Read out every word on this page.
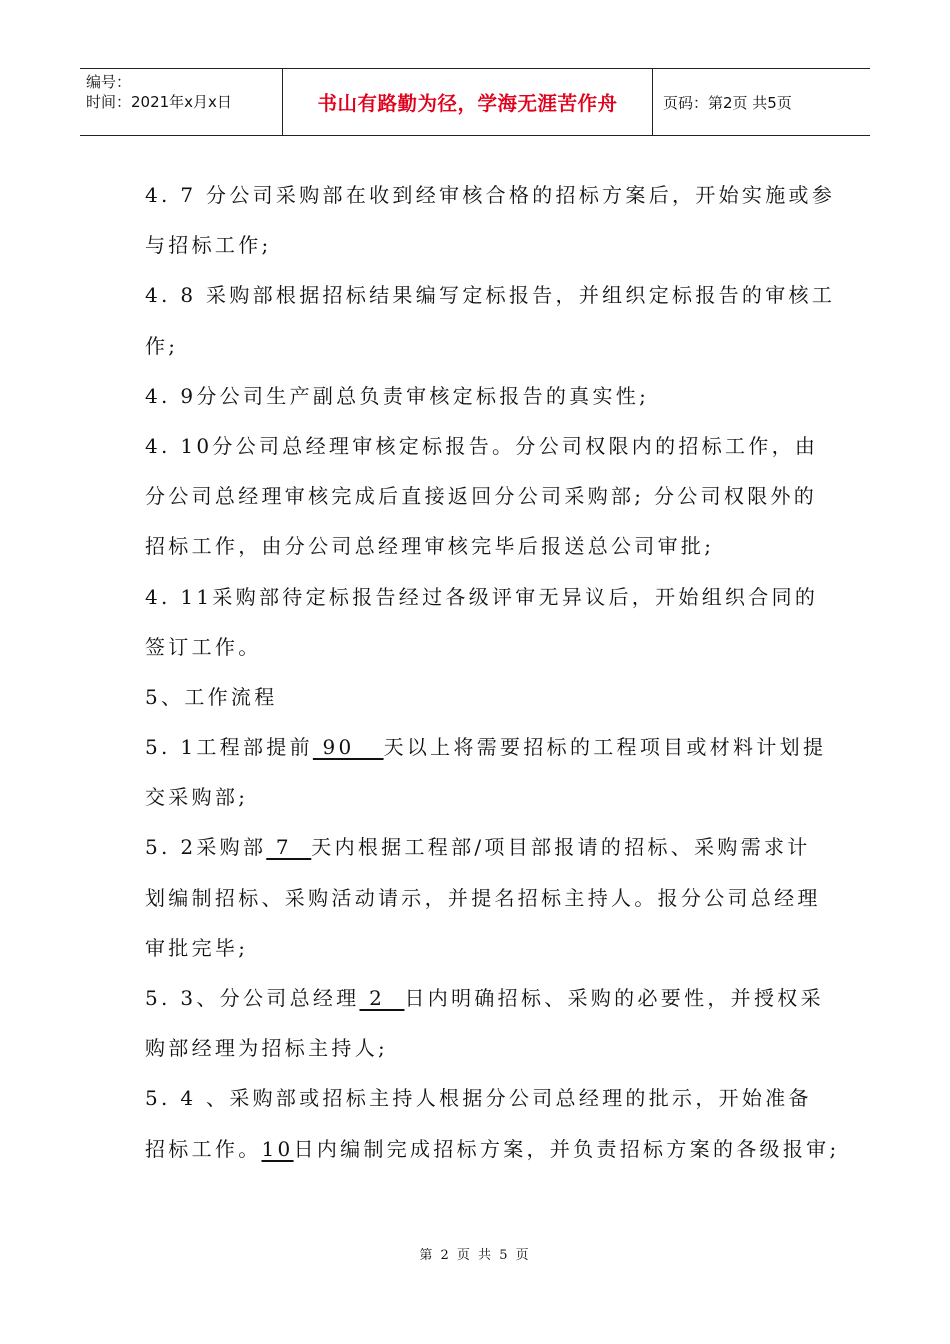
编号：
时间：2021年x月x日	书山有路勤为径，学海无涯苦作舟	页码：第2页 共5页
4. 7 分公司采购部在收到经审核合格的招标方案后，开始实施或参
与招标工作;
4. 8 采购部根据招标结果编写定标报告，并组织定标报告的审核工
作;
4. 9分公司生产副总负责审核定标报告的真实性;
4. 10分公司总经理审核定标报告。分公司权限内的招标工作，由
分公司总经理审核完成后直接返回分公司采购部; 分公司权限外的
招标工作，由分公司总经理审核完毕后报送总公司审批;
4. 11采购部待定标报告经过各级评审无异议后，开始组织合同的
签订工作。
5、工作流程
5. 1工程部提前 90   天以上将需要招标的工程项目或材料计划提
交采购部;
5. 2采购部 7  天内根据工程部/项目部报请的招标、采购需求计
划编制招标、采购活动请示，并提名招标主持人。报分公司总经理
审批完毕;
5. 3、分公司总经理 2  日内明确招标、采购的必要性，并授权采
购部经理为招标主持人;
5. 4 、采购部或招标主持人根据分公司总经理的批示，开始准备
招标工作。10日内编制完成招标方案，并负责招标方案的各级报审;
第 2 页 共 5 页
